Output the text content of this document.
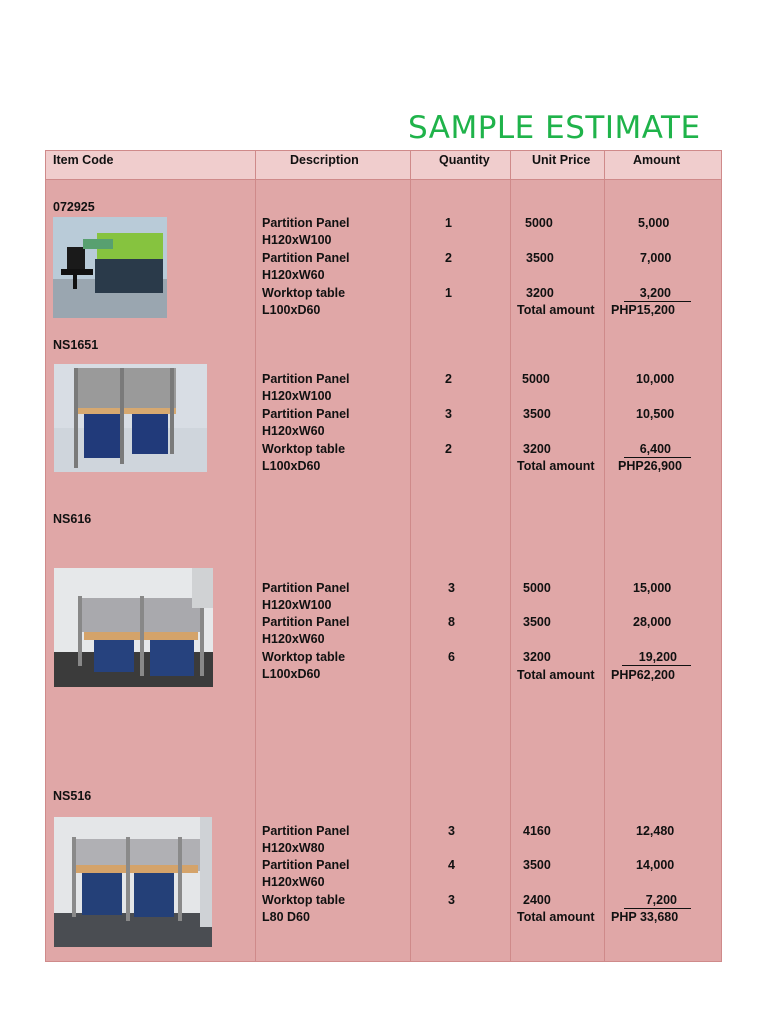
SAMPLE ESTIMATE
Item Code	Description	Quantity	Unit Price	Amount
072925
Partition Panel
H120xW100
1	5000	5,000
Partition Panel
H120xW60
2	3500	7,000
Worktop table
L100xD60
1	3200	3,200
Total amount PHP15,200
NS1651
Partition Panel
H120xW100
2	5000	10,000
Partition Panel
H120xW60
3	3500	10,500
Worktop table
L100xD60
2	3200	6,400
Total amount PHP26,900
NS616
Partition Panel
H120xW100
3	5000	15,000
Partition Panel
H120xW60
8	3500	28,000
Worktop table
L100xD60
6	3200	19,200
Total amount PHP62,200
NS516
Partition Panel
H120xW80
3	4160	12,480
Partition Panel
H120xW60
4	3500	14,000
Worktop table
L80 D60
3	2400	7,200
Total amount PHP 33,680
